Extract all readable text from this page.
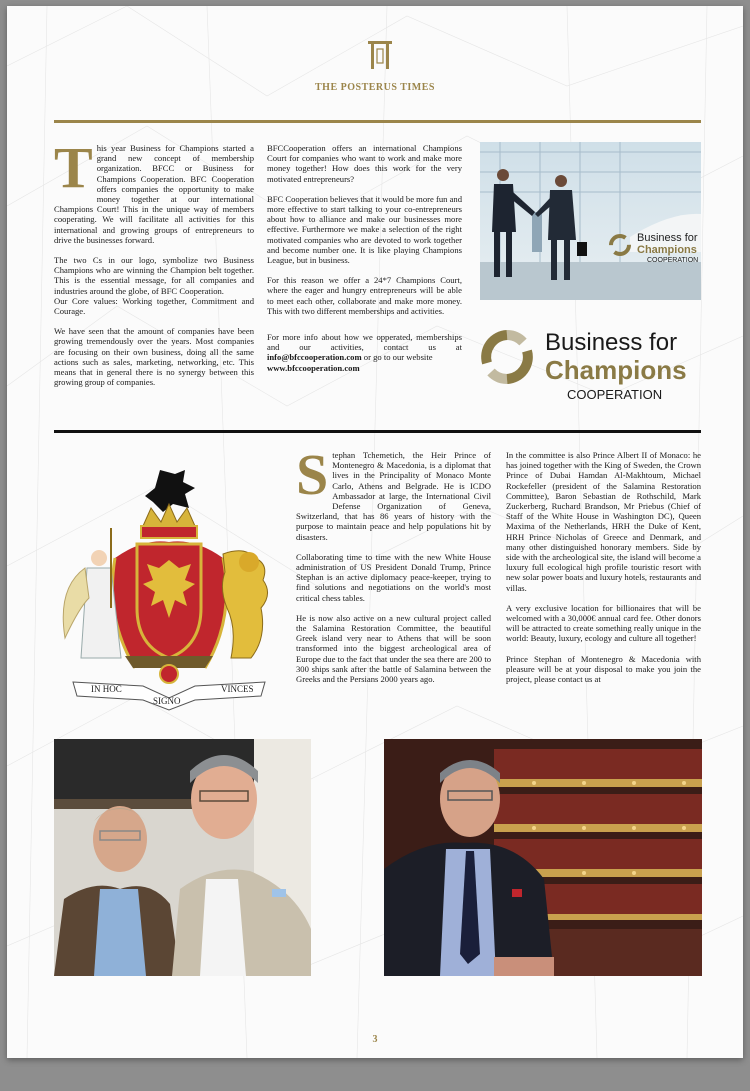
THE POSTERUS TIMES
T his year Business for Champions started a grand new concept of membership organization. BFCC or Business for Champions Cooperation. BFC Cooperation offers companies the opportunity to make money together at our international Champions Court! This in the unique way of members cooperating. We will facilitate all activities for this international and growing groups of entrepreneurs to drive the businesses forward.

The two Cs in our logo, symbolize two Business Champions who are winning the Champion belt together. This is the essential message, for all companies and industries around the globe, of BFC Cooperation.

Our Core values: Working together, Commitment and Courage.

We have seen that the amount of companies have been growing tremendously over the years. Most companies are focusing on their own business, doing all the same actions such as sales, marketing, networking, etc. This means that in general there is no synergy between this growing group of companies.

BFCCooperation offers an international Champions Court for companies who want to work and make more money together! How does this work for the very motivated entrepreneurs?

BFC Cooperation believes that it would be more fun and more effective to start talking to your co-entrepreneurs about how to alliance and make our businesses more effective. Furthermore we make a selection of the right motivated companies who are devoted to work together and become number one. It is like playing Champions League, but in business.

For this reason we offer a 24*7 Champions Court, where the eager and hungry entrepreneurs will be able to meet each other, collaborate and make more money. This with two different memberships and activities.

For more info about how we opperated, memberships and our activities, contact us at info@bfccooperation.com or go to our website
www.bfccooperation.com

Business for
Champions
COOPERATION
Business for
Champions
COOPERATION
IN HOC
SIGNO
VINCES
S tephan Tchemetich, the Heir Prince of Montenegro & Macedonia, is a diplomat that lives in the Principality of Monaco Monte Carlo, Athens and Belgrade. He is ICDO Ambassador at large, the International Civil Defense Organization of Geneva, Switzerland, that has 86 years of history with the purpose to maintain peace and help populations hit by disasters.

Collaborating time to time with the new White House administration of US President Donald Trump, Prince Stephan is an active diplomacy peace-keeper, trying to find solutions and negotiations on the world's most critical chess tables.

He is now also active on a new cultural project called the Salamina Restoration Committee, the beautiful Greek island very near to Athens that will be soon transformed into the biggest archeological area of Europe due to the fact that under the sea there are 200 to 300 ships sank after the battle of Salamina between the Greeks and the Persians 2000 years ago.

In the committee is also Prince Albert II of Monaco: he has joined together with the King of Sweden, the Crown Prince of Dubai Hamdan Al-Makhtoum, Michael Rockefeller (president of the Salamina Restoration Committee), Baron Sebastian de Rothschild, Mark Zuckerberg, Ruchard Brandson, Mr Priebus (Chief of Staff of the White House in Washington DC), Queen Maxima of the Netherlands, HRH the Duke of Kent, HRH Prince Nicholas of Greece and Denmark, and many other distinguished honorary members. Side by side with the archeological site, the island will become a luxury full ecological high profile touristic resort with new solar power boats and luxury hotels, restaurants and villas.

A very exclusive location for billionaires that will be welcomed with a 30,000€ annual card fee. Other donors will be attracted to create something really unique in the world: Beauty, luxury, ecology and culture all together!

Prince Stephan of Montenegro & Macedonia with pleasure will be at your disposal to make you join the project, please contact us at

3
